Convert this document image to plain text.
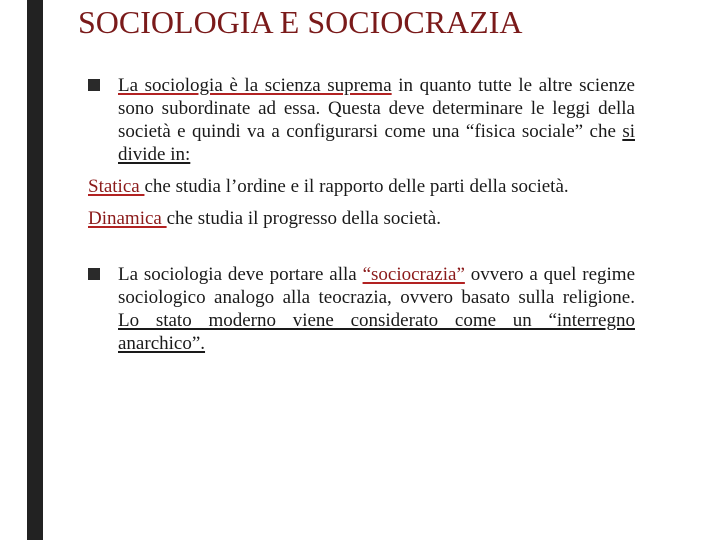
SOCIOLOGIA E SOCIOCRAZIA
La sociologia è la scienza suprema in quanto tutte le altre scienze sono subordinate ad essa. Questa deve determinare le leggi della società e quindi va a configurarsi come una “fisica sociale” che si divide in:
Statica che studia l’ordine e il rapporto delle parti della società.
Dinamica che studia il progresso della società.
La sociologia deve portare alla “sociocrazia” ovvero a quel regime sociologico analogo alla teocrazia, ovvero basato sulla religione. Lo stato moderno viene considerato come un “interregno anarchico”.
